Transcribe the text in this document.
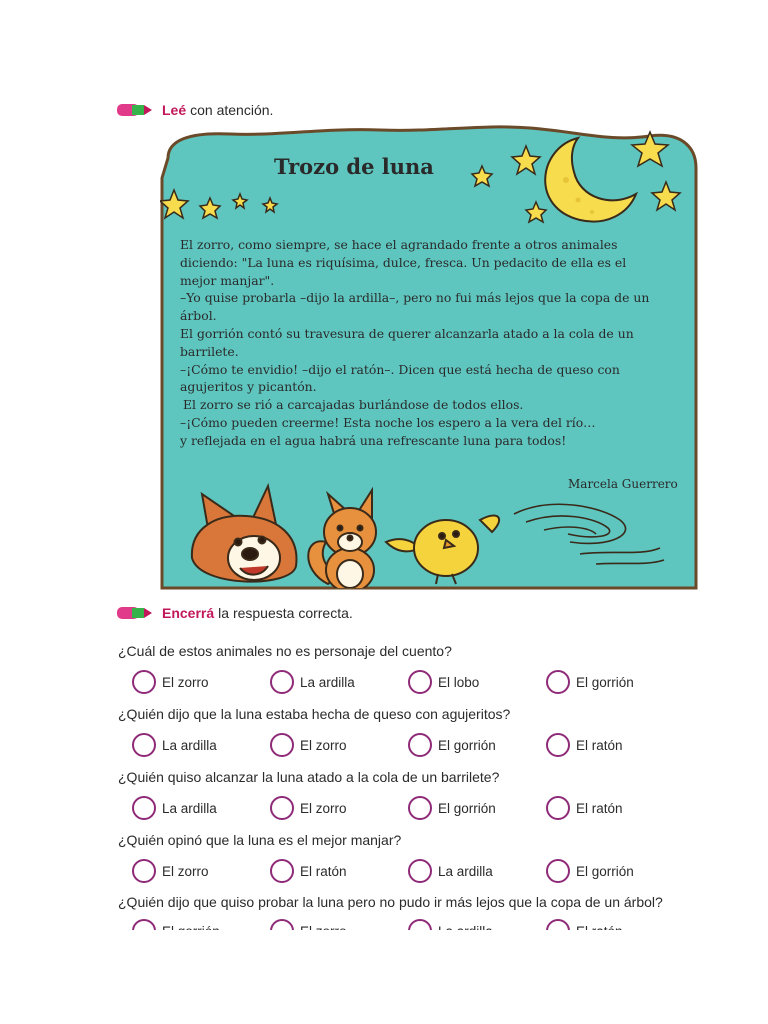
Leé con atención.
Trozo de luna
El zorro, como siempre, se hace el agrandado frente a otros animales
diciendo: "La luna es riquísima, dulce, fresca. Un pedacito de ella es el
mejor manjar".
–Yo quise probarla –dijo la ardilla–, pero no fui más lejos que la copa de un
árbol.
El gorrión contó su travesura de querer alcanzarla atado a la cola de un
barrilete.
–¡Cómo te envidio! –dijo el ratón–. Dicen que está hecha de queso con
agujeritos y picantón.
El zorro se rió a carcajadas burlándose de todos ellos.
–¡Cómo pueden creerme! Esta noche los espero a la vera del río…
y reflejada en el agua habrá una refrescante luna para todos!
Marcela Guerrero
Encerrá la respuesta correcta.
¿Cuál de estos animales no es personaje del cuento?
El zorro	La ardilla	El lobo	El gorrión
¿Quién dijo que la luna estaba hecha de queso con agujeritos?
La ardilla	El zorro	El gorrión	El ratón
¿Quién quiso alcanzar la luna atado a la cola de un barrilete?
La ardilla	El zorro	El gorrión	El ratón
¿Quién opinó que la luna es el mejor manjar?
El zorro	El ratón	La ardilla	El gorrión
¿Quién dijo que quiso probar la luna pero no pudo ir más lejos que la copa de un árbol?
